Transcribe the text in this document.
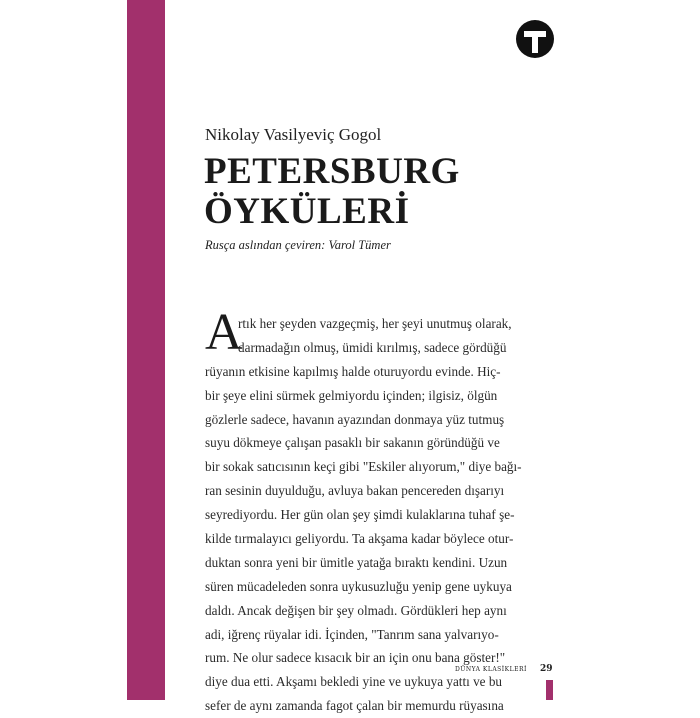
Nikolay Vasilyeviç Gogol
PETERSBURG
ÖYKÜLERİ
Rusça aslından çeviren: Varol Tümer
A
rtık her şeyden vazgeçmiş, her şeyi unutmuş olarak,
darmadağın olmuş, ümidi kırılmış, sadece gördüğü
rüyanın etkisine kapılmış halde oturuyordu evinde. Hiç-
bir şeye elini sürmek gelmiyordu içinden; ilgisiz, ölgün
gözlerle sadece, havanın ayazından donmaya yüz tutmuş
suyu dökmeye çalışan pasaklı bir sakanın göründüğü ve
bir sokak satıcısının keçi gibi "Eskiler alıyorum," diye bağı-
ran sesinin duyulduğu, avluya bakan pencereden dışarıyı
seyrediyordu. Her gün olan şey şimdi kulaklarına tuhaf şe-
kilde tırmalayıcı geliyordu. Ta akşama kadar böylece otur-
duktan sonra yeni bir ümitle yatağa bıraktı kendini. Uzun
süren mücadeleden sonra uykusuzluğu yenip gene uykuya
daldı. Ancak değişen bir şey olmadı. Gördükleri hep aynı
adi, iğrenç rüyalar idi. İçinden, "Tanrım sana yalvarıyo-
rum. Ne olur sadece kısacık bir an için onu bana göster!"
diye dua etti. Akşamı bekledi yine ve uykuya yattı ve bu
sefer de aynı zamanda fagot çalan bir memurdu rüyasına
DÜNYA KLASİKLERİ 29
